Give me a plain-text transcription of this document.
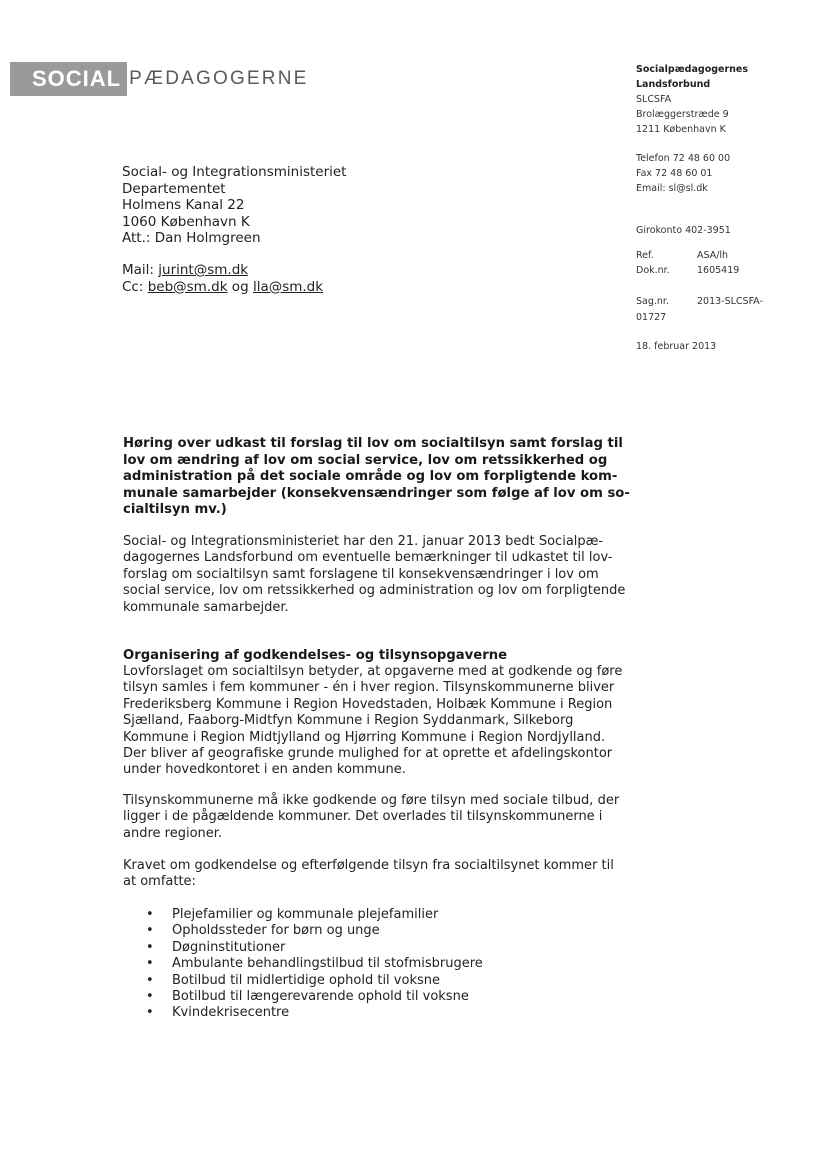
SOCIAL PÆDAGOGERNE	Socialpædagogernes
Landsforbund
SLCSFA
Brolæggerstræde 9
1211 København K
Telefon 72 48 60 00
Fax 72 48 60 01
Email: sl@sl.dk
Girokonto 402-3951
Ref.	ASA/lh
Dok.nr.	1605419
Sag.nr.	2013-SLCSFA-
01727
18. februar 2013
Social- og Integrationsministeriet
Departementet
Holmens Kanal 22
1060 København K
Att.: Dan Holmgreen
Mail: jurint@sm.dk
Cc: beb@sm.dk og lla@sm.dk
Høring over udkast til forslag til lov om socialtilsyn samt forslag til
lov om ændring af lov om social service, lov om retssikkerhed og
administration på det sociale område og lov om forpligtende kom-
munale samarbejder (konsekvensændringer som følge af lov om so-
cialtilsyn mv.)
Social- og Integrationsministeriet har den 21. januar 2013 bedt Socialpæ-
dagogernes Landsforbund om eventuelle bemærkninger til udkastet til lov-
forslag om socialtilsyn samt forslagene til konsekvensændringer i lov om
social service, lov om retssikkerhed og administration og lov om forpligtende
kommunale samarbejder.
Organisering af godkendelses- og tilsynsopgaverne
Lovforslaget om socialtilsyn betyder, at opgaverne med at godkende og føre
tilsyn samles i fem kommuner - én i hver region. Tilsynskommunerne bliver
Frederiksberg Kommune i Region Hovedstaden, Holbæk Kommune i Region
Sjælland, Faaborg-Midtfyn Kommune i Region Syddanmark, Silkeborg
Kommune i Region Midtjylland og Hjørring Kommune i Region Nordjylland.
Der bliver af geografiske grunde mulighed for at oprette et afdelingskontor
under hovedkontoret i en anden kommune.
Tilsynskommunerne må ikke godkende og føre tilsyn med sociale tilbud, der
ligger i de pågældende kommuner. Det overlades til tilsynskommunerne i
andre regioner.
Kravet om godkendelse og efterfølgende tilsyn fra socialtilsynet kommer til
at omfatte:
•	Plejefamilier og kommunale plejefamilier
•	Opholdssteder for børn og unge
•	Døgninstitutioner
•	Ambulante behandlingstilbud til stofmisbrugere
•	Botilbud til midlertidige ophold til voksne
•	Botilbud til længerevarende ophold til voksne
•	Kvindekrisecentre
